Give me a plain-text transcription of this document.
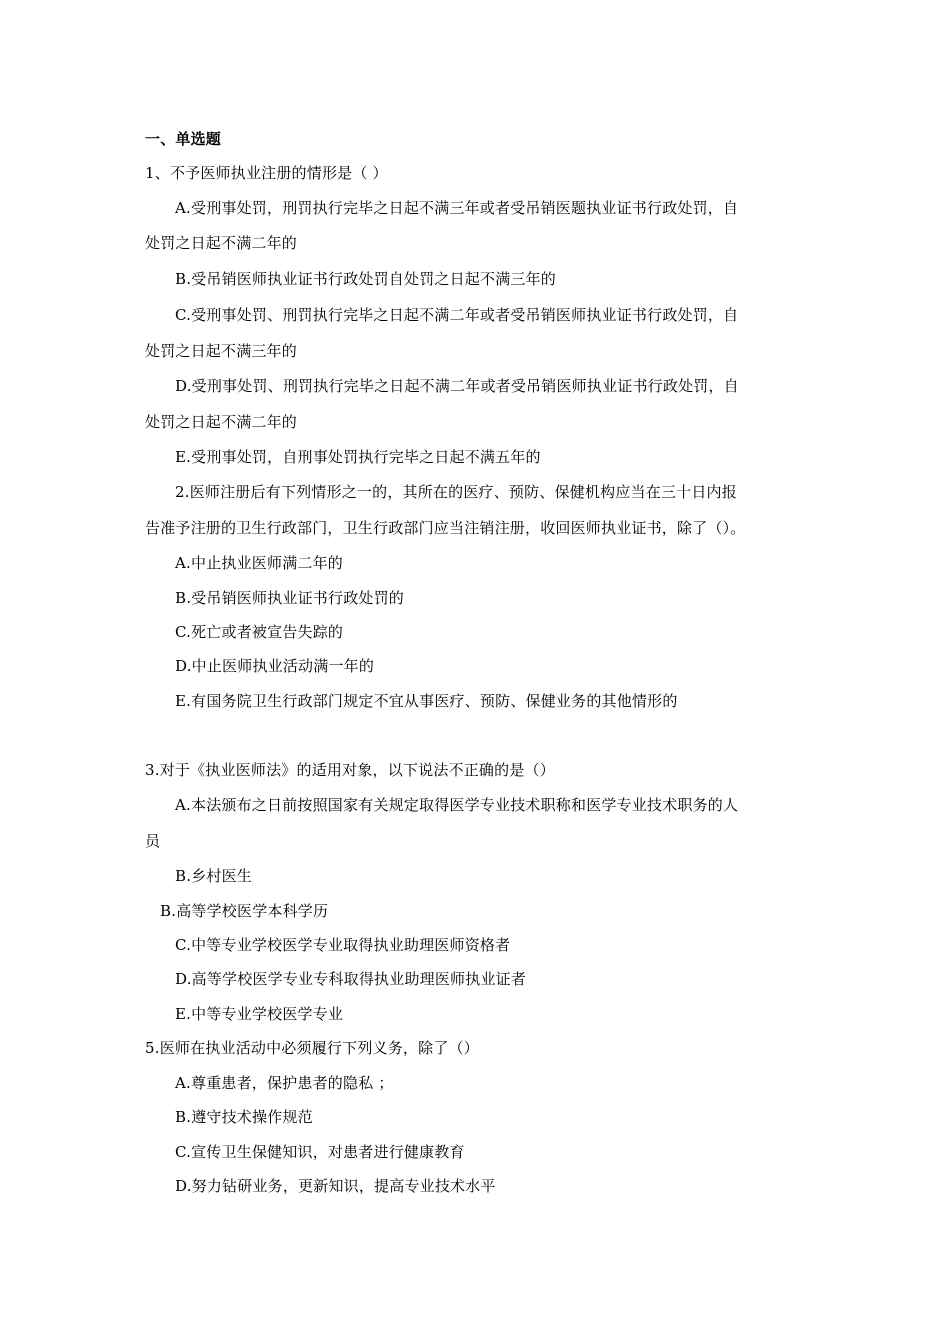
一、单选题
1、不予医师执业注册的情形是（ ）
A.受刑事处罚，刑罚执行完毕之日起不满三年或者受吊销医题执业证书行政处罚，自
处罚之日起不满二年的
B.受吊销医师执业证书行政处罚自处罚之日起不满三年的
C.受刑事处罚、刑罚执行完毕之日起不满二年或者受吊销医师执业证书行政处罚，自
处罚之日起不满三年的
D.受刑事处罚、刑罚执行完毕之日起不满二年或者受吊销医师执业证书行政处罚，自
处罚之日起不满二年的
E.受刑事处罚，自刑事处罚执行完毕之日起不满五年的
2.医师注册后有下列情形之一的，其所在的医疗、预防、保健机构应当在三十日内报
告准予注册的卫生行政部门，卫生行政部门应当注销注册，收回医师执业证书，除了（）。
A.中止执业医师满二年的
B.受吊销医师执业证书行政处罚的
C.死亡或者被宣告失踪的
D.中止医师执业活动满一年的
E.有国务院卫生行政部门规定不宜从事医疗、预防、保健业务的其他情形的
3.对于《执业医师法》的适用对象，以下说法不正确的是（）
A.本法颁布之日前按照国家有关规定取得医学专业技术职称和医学专业技术职务的人
员
B.乡村医生
B.高等学校医学本科学历
C.中等专业学校医学专业取得执业助理医师资格者
D.高等学校医学专业专科取得执业助理医师执业证者
E.中等专业学校医学专业
5.医师在执业活动中必须履行下列义务，除了（）
A.尊重患者，保护患者的隐私 ；
B.遵守技术操作规范
C.宣传卫生保健知识，对患者进行健康教育
D.努力钻研业务，更新知识，提高专业技术水平
